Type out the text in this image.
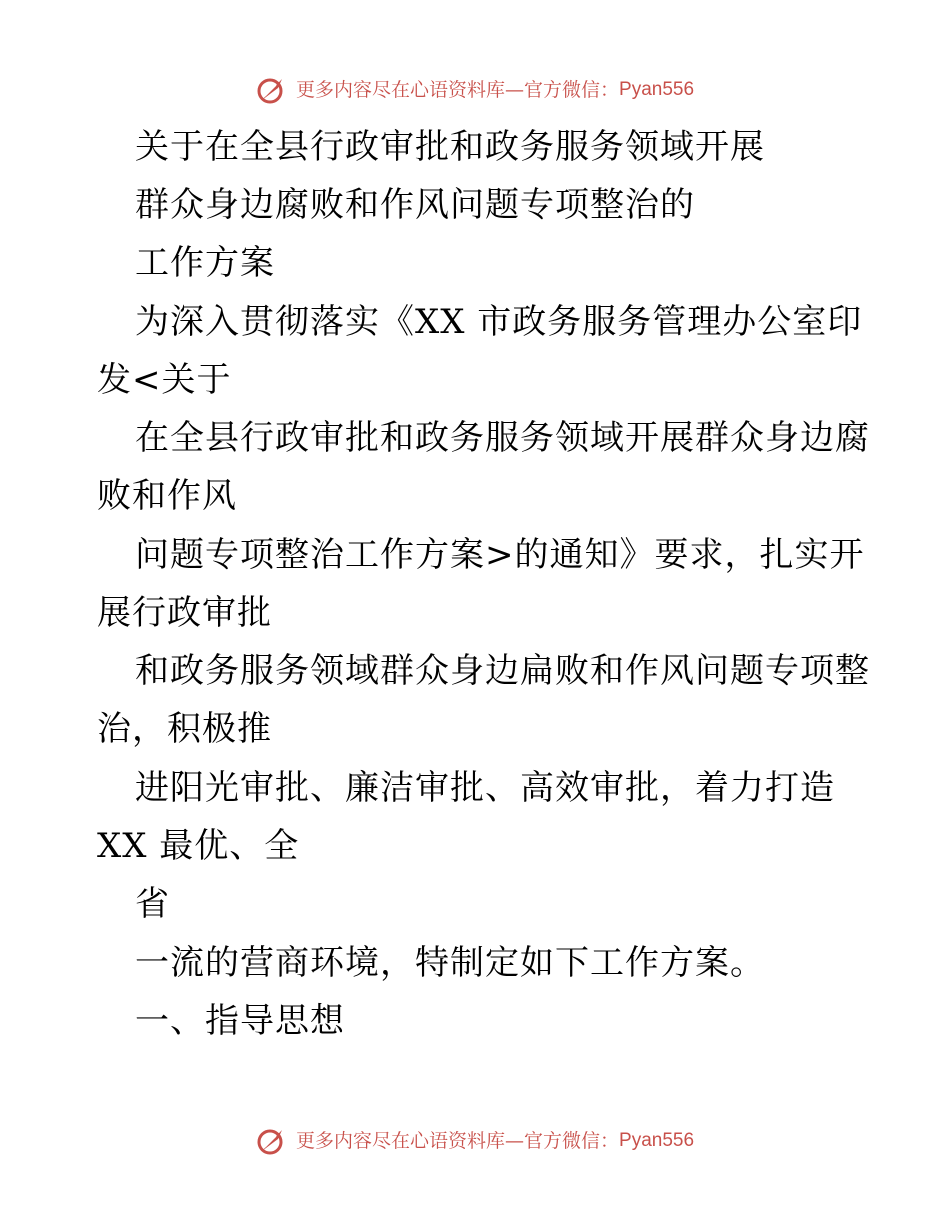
更多内容尽在心语资料库—官方微信：Pyan556
关于在全县行政审批和政务服务领域开展
群众身边腐败和作风问题专项整治的
工作方案
为深入贯彻落实《XX 市政务服务管理办公室印
发<关于
在全县行政审批和政务服务领域开展群众身边腐
败和作风
问题专项整治工作方案>的通知》要求，扎实开
展行政审批
和政务服务领域群众身边扁败和作风问题专项整
治，积极推
进阳光审批、廉洁审批、高效审批，着力打造
XX 最优、全
省
一流的营商环境，特制定如下工作方案。
一、指导思想
更多内容尽在心语资料库—官方微信：Pyan556
